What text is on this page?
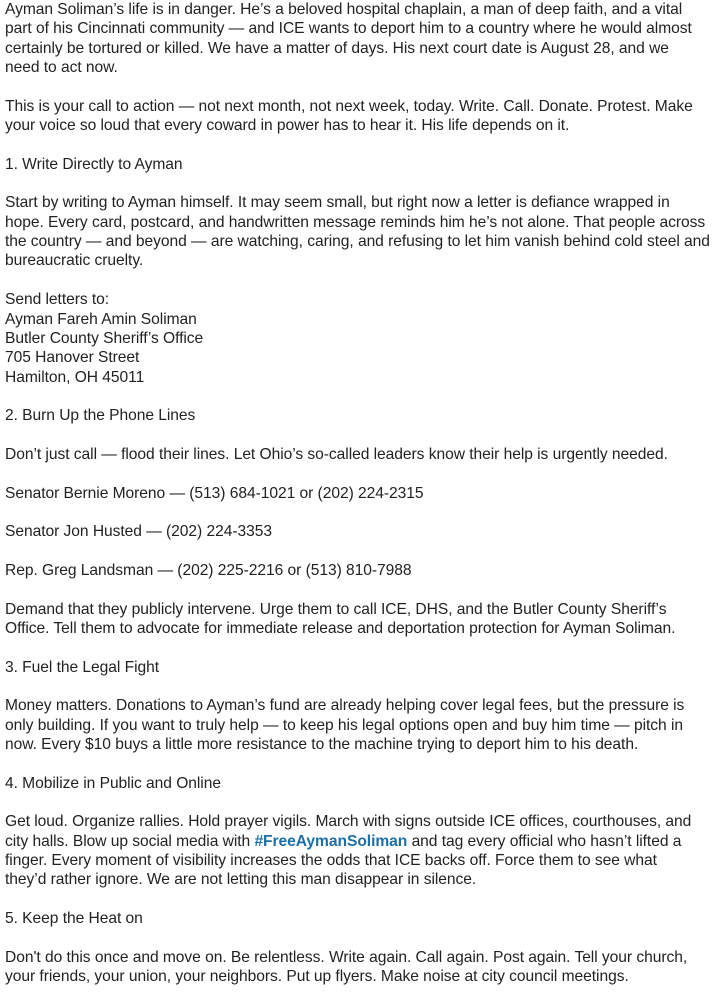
Ayman Soliman’s life is in danger. He’s a beloved hospital chaplain, a man of deep faith, and a vital
part of his Cincinnati community — and ICE wants to deport him to a country where he would almost
certainly be tortured or killed. We have a matter of days. His next court date is August 28, and we
need to act now.

This is your call to action — not next month, not next week, today. Write. Call. Donate. Protest. Make
your voice so loud that every coward in power has to hear it. His life depends on it.

1. Write Directly to Ayman

Start by writing to Ayman himself. It may seem small, but right now a letter is defiance wrapped in
hope. Every card, postcard, and handwritten message reminds him he’s not alone. That people across
the country — and beyond — are watching, caring, and refusing to let him vanish behind cold steel and
bureaucratic cruelty.

Send letters to:
Ayman Fareh Amin Soliman
Butler County Sheriff’s Office
705 Hanover Street
Hamilton, OH 45011

2. Burn Up the Phone Lines

Don’t just call — flood their lines. Let Ohio’s so-called leaders know their help is urgently needed.

Senator Bernie Moreno — (513) 684-1021 or (202) 224-2315

Senator Jon Husted — (202) 224-3353

Rep. Greg Landsman — (202) 225-2216 or (513) 810-7988

Demand that they publicly intervene. Urge them to call ICE, DHS, and the Butler County Sheriff’s
Office. Tell them to advocate for immediate release and deportation protection for Ayman Soliman.

3. Fuel the Legal Fight

Money matters. Donations to Ayman’s fund are already helping cover legal fees, but the pressure is
only building. If you want to truly help — to keep his legal options open and buy him time — pitch in
now. Every $10 buys a little more resistance to the machine trying to deport him to his death.

4. Mobilize in Public and Online

Get loud. Organize rallies. Hold prayer vigils. March with signs outside ICE offices, courthouses, and
city halls. Blow up social media with #FreeAymanSoliman and tag every official who hasn’t lifted a
finger. Every moment of visibility increases the odds that ICE backs off. Force them to see what
they’d rather ignore. We are not letting this man disappear in silence.

5. Keep the Heat on

Don't do this once and move on. Be relentless. Write again. Call again. Post again. Tell your church,
your friends, your union, your neighbors. Put up flyers. Make noise at city council meetings.
